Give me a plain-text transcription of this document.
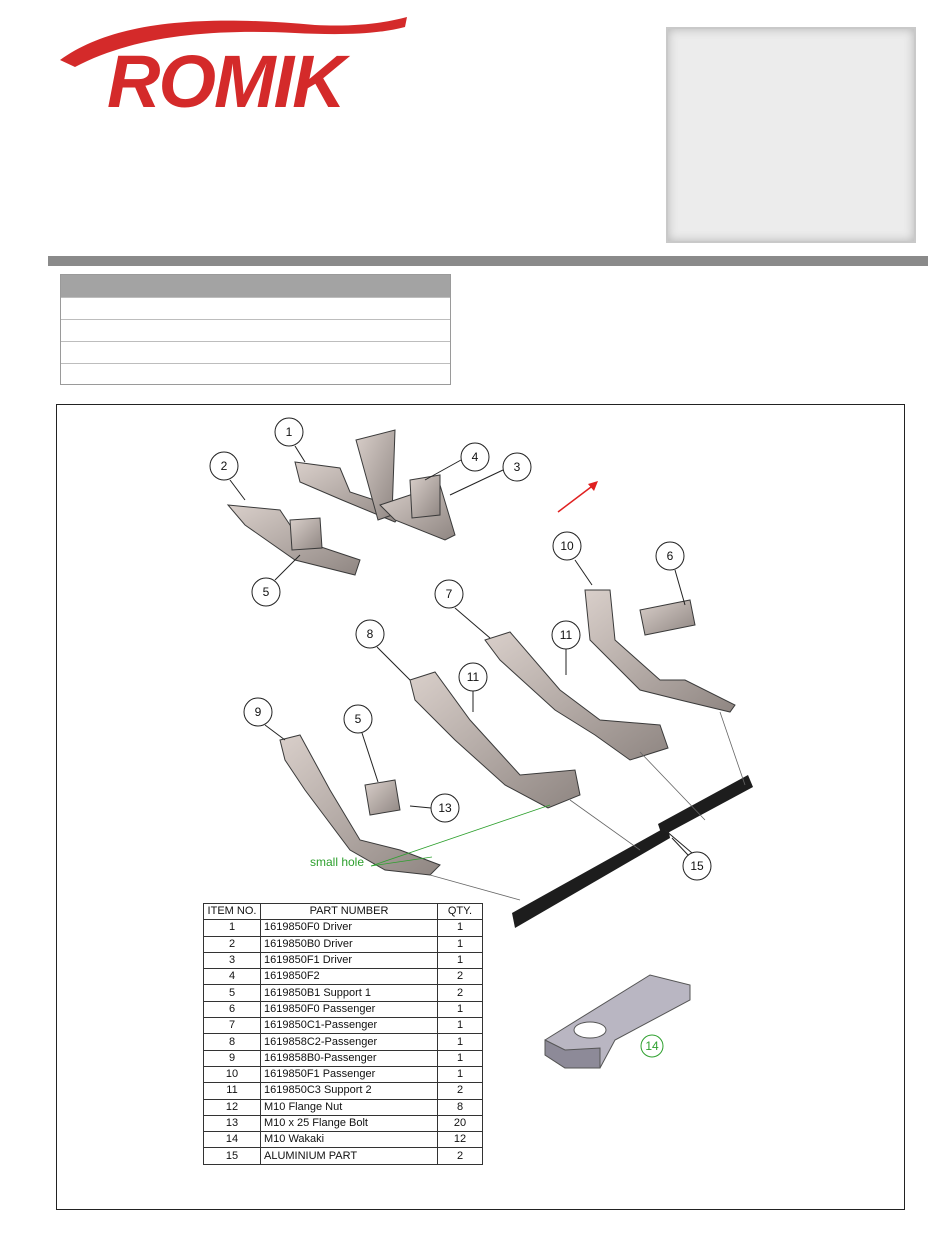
ROMIK
small hole
1
2	3
4
5
6
7
8
9
10
11
11
5
13
15
14
ITEM NO.	PART NUMBER	QTY.
1	1619850F0 Driver	1
2	1619850B0 Driver	1
3	1619850F1 Driver	1
4	1619850F2	2
5	1619850B1 Support 1	2
6	1619850F0 Passenger	1
7	1619850C1-Passenger	1
8	1619858C2-Passenger	1
9	1619858B0-Passenger	1
10	1619850F1 Passenger	1
11	1619850C3 Support 2	2
12	M10 Flange Nut	8
13	M10 x 25 Flange Bolt	20
14	M10 Wakaki	12
15	ALUMINIUM PART	2
